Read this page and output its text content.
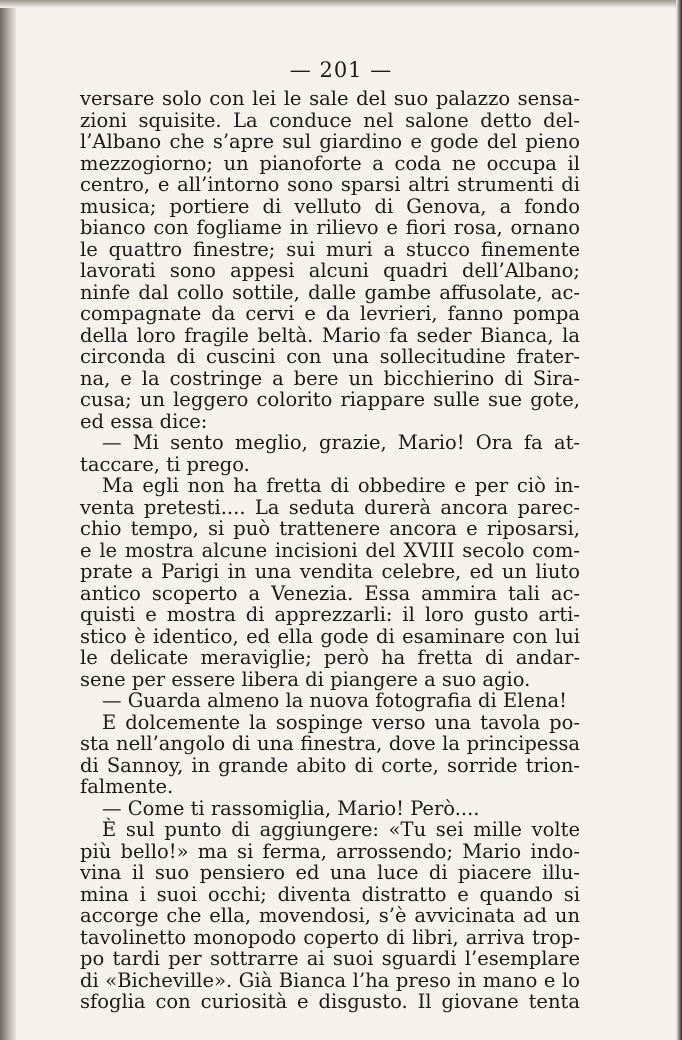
— 201 —
versare solo con lei le sale del suo palazzo sensa-
zioni squisite. La conduce nel salone detto del-
l’Albano che s’apre sul giardino e gode del pieno
mezzogiorno; un pianoforte a coda ne occupa il
centro, e all’intorno sono sparsi altri strumenti di
musica; portiere di velluto di Genova, a fondo
bianco con fogliame in rilievo e fiori rosa, ornano
le quattro finestre; sui muri a stucco finemente
lavorati sono appesi alcuni quadri dell’Albano;
ninfe dal collo sottile, dalle gambe affusolate, ac-
compagnate da cervi e da levrieri, fanno pompa
della loro fragile beltà. Mario fa seder Bianca, la
circonda di cuscini con una sollecitudine frater-
na, e la costringe a bere un bicchierino di Sira-
cusa; un leggero colorito riappare sulle sue gote,
ed essa dice:
— Mi sento meglio, grazie, Mario! Ora fa at-
taccare, ti prego.
Ma egli non ha fretta di obbedire e per ciò in-
venta pretesti.... La seduta durerà ancora parec-
chio tempo, si può trattenere ancora e riposarsi,
e le mostra alcune incisioni del XVIII secolo com-
prate a Parigi in una vendita celebre, ed un liuto
antico scoperto a Venezia. Essa ammira tali ac-
quisti e mostra di apprezzarli: il loro gusto arti-
stico è identico, ed ella gode di esaminare con lui
le delicate meraviglie; però ha fretta di andar-
sene per essere libera di piangere a suo agio.
— Guarda almeno la nuova fotografia di Elena!
E dolcemente la sospinge verso una tavola po-
sta nell’angolo di una finestra, dove la principessa
di Sannoy, in grande abito di corte, sorride trion-
falmente.
— Come ti rassomiglia, Mario! Però....
È sul punto di aggiungere: «Tu sei mille volte
più bello!» ma si ferma, arrossendo; Mario indo-
vina il suo pensiero ed una luce di piacere illu-
mina i suoi occhi; diventa distratto e quando si
accorge che ella, movendosi, s’è avvicinata ad un
tavolinetto monopodo coperto di libri, arriva trop-
po tardi per sottrarre ai suoi sguardi l’esemplare
di «Bicheville». Già Bianca l’ha preso in mano e lo
sfoglia con curiosità e disgusto. Il giovane tenta
